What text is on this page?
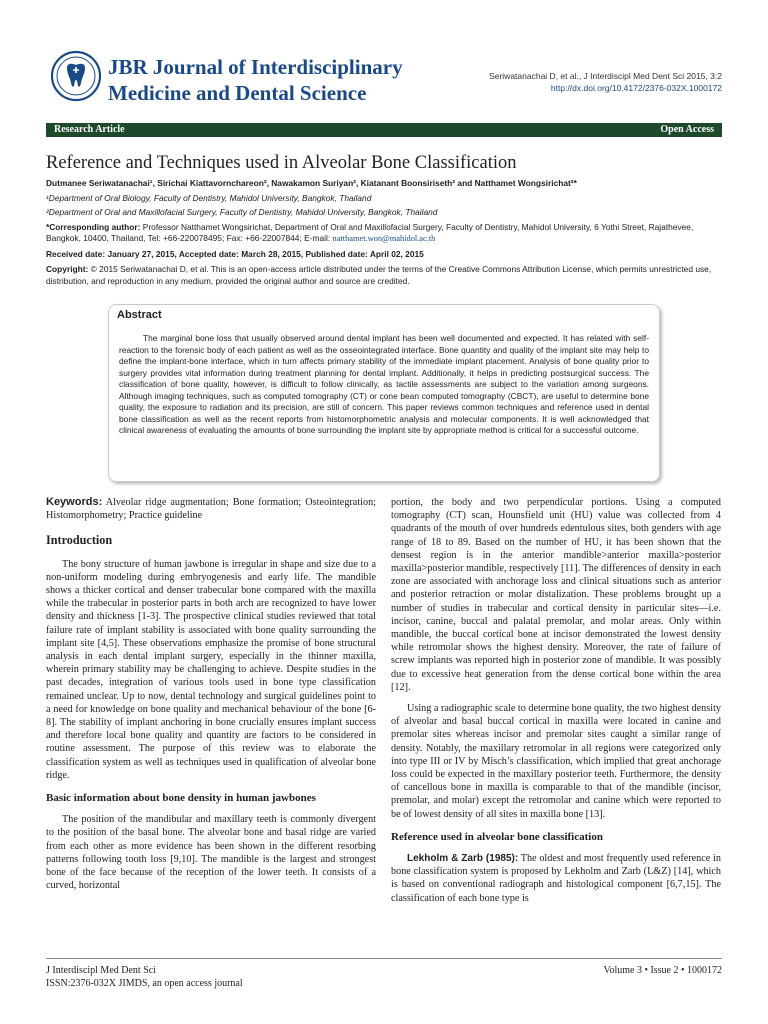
JBR Journal of Interdisciplinary Medicine and Dental Science
Seriwatanachai D, et al., J Interdiscipl Med Dent Sci 2015, 3:2
http://dx.doi.org/10.4172/2376-032X.1000172
Research Article	Open Access
Reference and Techniques used in Alveolar Bone Classification

Dutmanee Seriwatanachai¹, Sirichai Kiattavornchareon², Nawakamon Suriyan², Kiatanant Boonsiriseth² and Natthamet Wongsirichat²*

¹Department of Oral Biology, Faculty of Dentistry, Mahidol University, Bangkok, Thailand

²Department of Oral and Maxillofacial Surgery, Faculty of Dentistry, Mahidol University, Bangkok, Thailand

*Corresponding author: Professor Natthamet Wongsirichat, Department of Oral and Maxillofacial Surgery, Faculty of Dentistry, Mahidol University, 6 Yothi Street, Rajathevee, Bangkok, 10400, Thailand, Tel: +66-220078495; Fax: +66-22007844; E-mail: natthamet.won@mahidol.ac.th

Received date: January 27, 2015, Accepted date: March 28, 2015, Published date: April 02, 2015

Copyright: © 2015 Seriwatanachai D, et al. This is an open-access article distributed under the terms of the Creative Commons Attribution License, which permits unrestricted use, distribution, and reproduction in any medium, provided the original author and source are credited.

Abstract

The marginal bone loss that usually observed around dental implant has been well documented and expected. It has related with self-reaction to the forensic body of each patient as well as the osseointegrated interface. Bone quantity and quality of the implant site may help to define the implant-bone interface, which in turn affects primary stability of the immediate implant placement. Analysis of bone quality prior to surgery provides vital information during treatment planning for dental implant. Additionally, it helps in predicting postsurgical success. The classification of bone quality, however, is difficult to follow clinically, as tactile assessments are subject to the variation among surgeons. Although imaging techniques, such as computed tomography (CT) or cone bean computed tomography (CBCT), are useful to determine bone quality, the exposure to radiation and its precision, are still of concern. This paper reviews common techniques and reference used in dental bone classification as well as the recent reports from histomorphometric analysis and molecular components. It is well acknowledged that clinical awareness of evaluating the amounts of bone surrounding the implant site by appropriate method is critical for a successful outcome.

Keywords: Alveolar ridge augmentation; Bone formation; Osteointegration; Histomorphometry; Practice guideline

Introduction

The bony structure of human jawbone is irregular in shape and size due to a non-uniform modeling during embryogenesis and early life. The mandible shows a thicker cortical and denser trabecular bone compared with the maxilla while the trabecular in posterior parts in both arch are recognized to have lower density and thickness [1-3]. The prospective clinical studies reviewed that total failure rate of implant stability is associated with bone quality surrounding the implant site [4,5]. These observations emphasize the promise of bone structural analysis in each dental implant surgery, especially in the thinner maxilla, wherein primary stability may be challenging to achieve. Despite studies in the past decades, integration of various tools used in bone type classification remained unclear. Up to now, dental technology and surgical guidelines point to a need for knowledge on bone quality and mechanical behaviour of the bone [6-8]. The stability of implant anchoring in bone crucially ensures implant success and therefore local bone quality and quantity are factors to be considered in routine assessment. The purpose of this review was to elaborate the classification system as well as techniques used in qualification of alveolar bone ridge.

Basic information about bone density in human jawbones

The position of the mandibular and maxillary teeth is commonly divergent to the position of the basal bone. The alveolar bone and basal ridge are varied from each other as more evidence has been shown in the different resorbing patterns following tooth loss [9,10]. The mandible is the largest and strongest bone of the face because of the reception of the lower teeth. It consists of a curved, horizontal

portion, the body and two perpendicular portions. Using a computed tomography (CT) scan, Hounsfield unit (HU) value was collected from 4 quadrants of the mouth of over hundreds edentulous sites, both genders with age range of 18 to 89. Based on the number of HU, it has been shown that the densest region is in the anterior mandible>anterior maxilla>posterior maxilla>posterior mandible, respectively [11]. The differences of density in each zone are associated with anchorage loss and clinical situations such as anterior and posterior retraction or molar distalization. These problems brought up a number of studies in trabecular and cortical density in particular sites—i.e. incisor, canine, buccal and palatal premolar, and molar areas. Only within mandible, the buccal cortical bone at incisor demonstrated the lowest density while retromolar shows the highest density. Moreover, the rate of failure of screw implants was reported high in posterior zone of mandible. It was possibly due to excessive heat generation from the dense cortical bone within the area [12].

Using a radiographic scale to determine bone quality, the two highest density of alveolar and basal buccal cortical in maxilla were located in canine and premolar sites whereas incisor and premolar sites caught a similar range of density. Notably, the maxillary retromolar in all regions were categorized only into type III or IV by Misch’s classification, which implied that great anchorage loss could be expected in the maxillary posterior teeth. Furthermore, the density of cancellous bone in maxilla is comparable to that of the mandible (incisor, premolar, and molar) except the retromolar and canine which were reported to be of lowest density of all sites in maxilla bone [13].

Reference used in alveolar bone classification

Lekholm & Zarb (1985): The oldest and most frequently used reference in bone classification system is proposed by Lekholm and Zarb (L&Z) [14], which is based on conventional radiograph and histological component [6,7,15]. The classification of each bone type is

J Interdiscipl Med Dent Sci
ISSN:2376-032X JIMDS, an open access journal
Volume 3 • Issue 2 • 1000172
